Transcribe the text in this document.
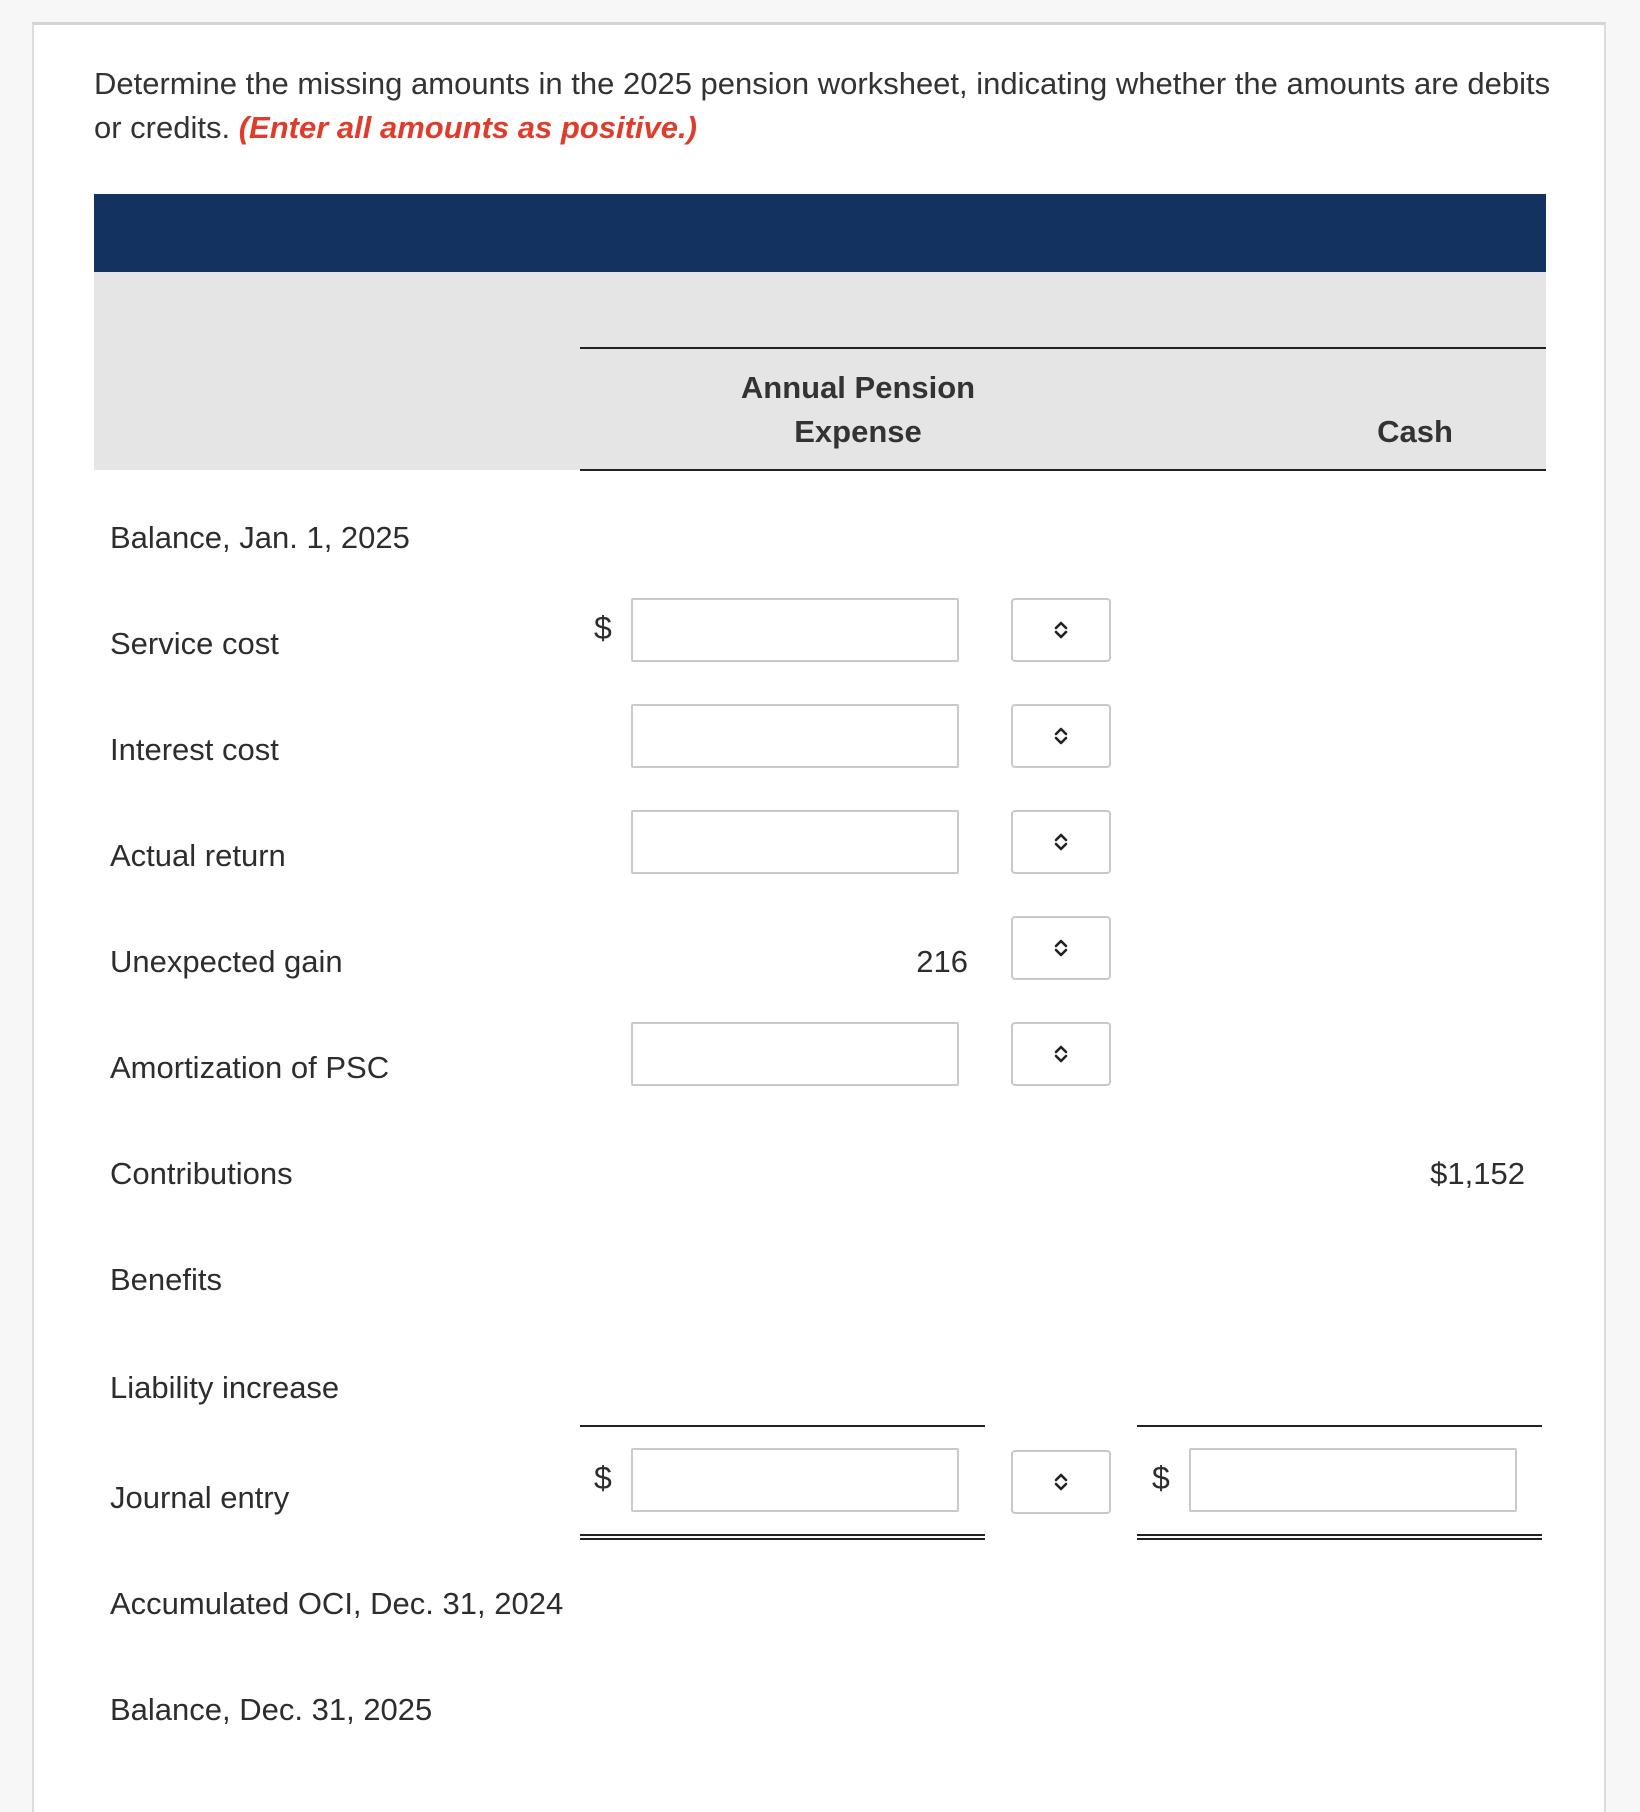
Determine the missing amounts in the 2025 pension worksheet, indicating whether the amounts are debits or credits. (Enter all amounts as positive.)
Annual Pension
Expense	Cash
Balance, Jan. 1, 2025
Service cost
Interest cost
Actual return
Unexpected gain
Amortization of PSC
Contributions
Benefits
Liability increase
Journal entry
Accumulated OCI, Dec. 31, 2024
Balance, Dec. 31, 2025
$
216
$1,152
$	$
